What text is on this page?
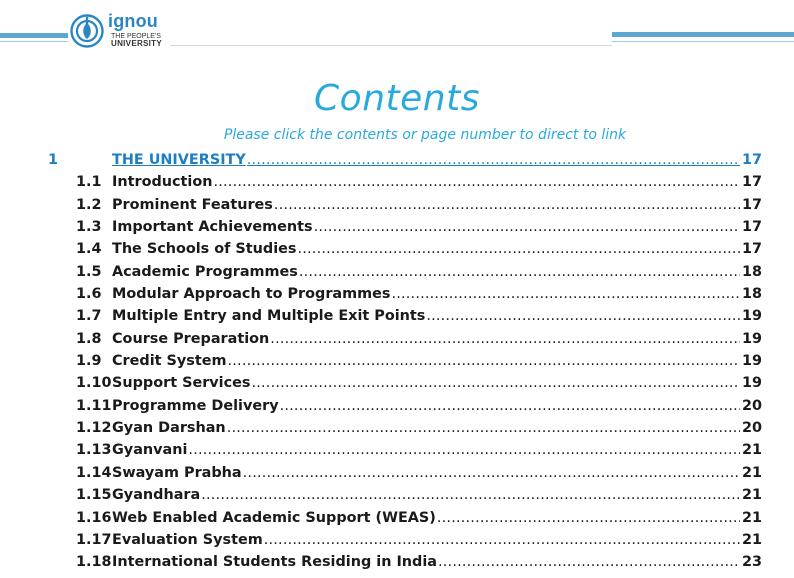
ignou
THE PEOPLE'S
UNIVERSITY
Contents
Please click the contents or page number to direct to link
1	THE UNIVERSITY .....	17
1.1 Introduction .....	17
1.2 Prominent Features .....	17
1.3 Important Achievements .....	17
1.4 The Schools of Studies .....	17
1.5 Academic Programmes .....	18
1.6 Modular Approach to Programmes .....	18
1.7 Multiple Entry and Multiple Exit Points .....	19
1.8 Course Preparation .....	19
1.9 Credit System .....	19
1.10 Support Services .....	19
1.11 Programme Delivery .....	20
1.12 Gyan Darshan .....	20
1.13 Gyanvani .....	21
1.14 Swayam Prabha .....	21
1.15 Gyandhara .....	21
1.16 Web Enabled Academic Support (WEAS) .....	21
1.17 Evaluation System .....	21
1.18 International Students Residing in India .....	23
